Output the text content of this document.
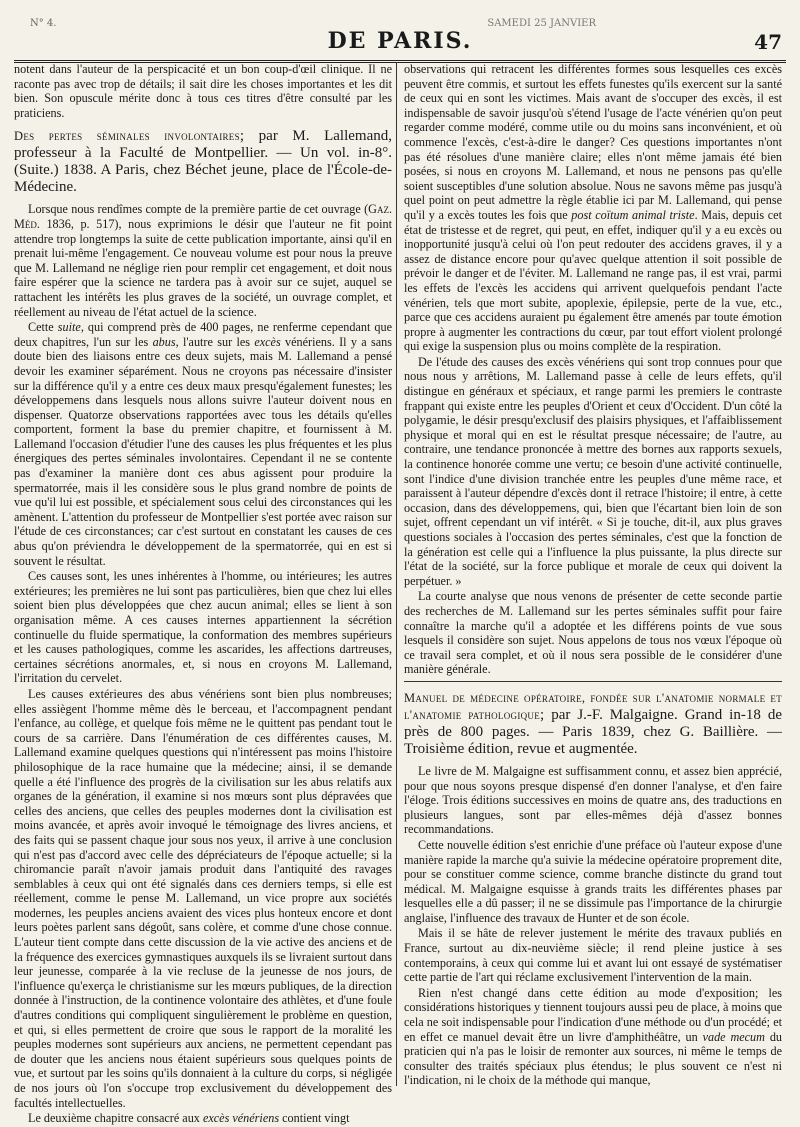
N° 4.	SAMEDI 25 JANVIER
DE PARIS.	47

notent dans l'auteur de la perspicacité et un bon coup-d'œil clinique. Il ne raconte pas avec trop de détails; il sait dire les choses importantes et les dit bien. Son opuscule mérite donc à tous ces titres d'être consulté par les praticiens.

Des pertes séminales involontaires; par M. Lallemand, professeur à la Faculté de Montpellier. — Un vol. in-8°. (Suite.) 1838. A Paris, chez Béchet jeune, place de l'École-de-Médecine.

Lorsque nous rendîmes compte de la première partie de cet ouvrage (Gaz. Méd. 1836, p. 517), nous exprimions le désir que l'auteur ne fit point attendre trop longtemps la suite de cette publication importante, ainsi qu'il en prenait lui-même l'engagement. Ce nouveau volume est pour nous la preuve que M. Lallemand ne néglige rien pour remplir cet engagement, et doit nous faire espérer que la science ne tardera pas à avoir sur ce sujet, auquel se rattachent les intérêts les plus graves de la société, un ouvrage complet, et réellement au niveau de l'état actuel de la science.

Cette suite, qui comprend près de 400 pages, ne renferme cependant que deux chapitres, l'un sur les abus, l'autre sur les excès vénériens. Il y a sans doute bien des liaisons entre ces deux sujets, mais M. Lallemand a pensé devoir les examiner séparément. Nous ne croyons pas nécessaire d'insister sur la différence qu'il y a entre ces deux maux presqu'également funestes; les développemens dans lesquels nous allons suivre l'auteur doivent nous en dispenser. Quatorze observations rapportées avec tous les détails qu'elles comportent, forment la base du premier chapitre, et fournissent à M. Lallemand l'occasion d'étudier l'une des causes les plus fréquentes et les plus énergiques des pertes séminales involontaires. Cependant il ne se contente pas d'examiner la manière dont ces abus agissent pour produire la spermatorrée, mais il les considère sous le plus grand nombre de points de vue qu'il lui est possible, et spécialement sous celui des circonstances qui les amènent. L'attention du professeur de Montpellier s'est portée avec raison sur l'étude de ces circonstances; car c'est surtout en constatant les causes de ces abus qu'on préviendra le développement de la spermatorrée, qui en est si souvent le résultat.

Ces causes sont, les unes inhérentes à l'homme, ou intérieures; les autres extérieures; les premières ne lui sont pas particulières, bien que chez lui elles soient bien plus développées que chez aucun animal; elles se lient à son organisation même. A ces causes internes appartiennent la sécrétion continuelle du fluide spermatique, la conformation des membres supérieurs et les causes pathologiques, comme les ascarides, les affections dartreuses, certaines sécrétions anormales, et, si nous en croyons M. Lallemand, l'irritation du cervelet.

Les causes extérieures des abus vénériens sont bien plus nombreuses; elles assiègent l'homme même dès le berceau, et l'accompagnent pendant l'enfance, au collège, et quelque fois même ne le quittent pas pendant tout le cours de sa carrière. Dans l'énumération de ces différentes causes, M. Lallemand examine quelques questions qui n'intéressent pas moins l'histoire philosophique de la race humaine que la médecine; ainsi, il se demande quelle a été l'influence des progrès de la civilisation sur les abus relatifs aux organes de la génération, il examine si nos mœurs sont plus dépravées que celles des anciens, que celles des peuples modernes dont la civilisation est moins avancée, et après avoir invoqué le témoignage des livres anciens, et des faits qui se passent chaque jour sous nos yeux, il arrive à une conclusion qui n'est pas d'accord avec celle des dépréciateurs de l'époque actuelle; si la chiromancie paraît n'avoir jamais produit dans l'antiquité des ravages semblables à ceux qui ont été signalés dans ces derniers temps, si elle est réellement, comme le pense M. Lallemand, un vice propre aux sociétés modernes, les peuples anciens avaient des vices plus honteux encore et dont leurs poètes parlent sans dégoût, sans colère, et comme d'une chose connue. L'auteur tient compte dans cette discussion de la vie active des anciens et de la fréquence des exercices gymnastiques auxquels ils se livraient surtout dans leur jeunesse, comparée à la vie recluse de la jeunesse de nos jours, de l'influence qu'exerça le christianisme sur les mœurs publiques, de la direction donnée à l'instruction, de la continence volontaire des athlètes, et d'une foule d'autres conditions qui compliquent singulièrement le problème en question, et qui, si elles permettent de croire que sous le rapport de la moralité les peuples modernes sont supérieurs aux anciens, ne permettent cependant pas de douter que les anciens nous étaient supérieurs sous quelques points de vue, et surtout par les soins qu'ils donnaient à la culture du corps, si négligée de nos jours où l'on s'occupe trop exclusivement du développement des facultés intellectuelles.

Le deuxième chapitre consacré aux excès vénériens contient vingt

observations qui retracent les différentes formes sous lesquelles ces excès peuvent être commis, et surtout les effets funestes qu'ils exercent sur la santé de ceux qui en sont les victimes. Mais avant de s'occuper des excès, il est indispensable de savoir jusqu'où s'étend l'usage de l'acte vénérien qu'on peut regarder comme modéré, comme utile ou du moins sans inconvénient, et où commence l'excès, c'est-à-dire le danger? Ces questions importantes n'ont pas été résolues d'une manière claire; elles n'ont même jamais été bien posées, si nous en croyons M. Lallemand, et nous ne pensons pas qu'elle soient susceptibles d'une solution absolue. Nous ne savons même pas jusqu'à quel point on peut admettre la règle établie ici par M. Lallemand, qui pense qu'il y a excès toutes les fois que post coïtum animal triste. Mais, depuis cet état de tristesse et de regret, qui peut, en effet, indiquer qu'il y a eu excès ou inopportunité jusqu'à celui où l'on peut redouter des accidens graves, il y a assez de distance encore pour qu'avec quelque attention il soit possible de prévoir le danger et de l'éviter. M. Lallemand ne range pas, il est vrai, parmi les effets de l'excès les accidens qui arrivent quelquefois pendant l'acte vénérien, tels que mort subite, apoplexie, épilepsie, perte de la vue, etc., parce que ces accidens auraient pu également être amenés par toute émotion propre à augmenter les contractions du cœur, par tout effort violent prolongé qui exige la suspension plus ou moins complète de la respiration.

De l'étude des causes des excès vénériens qui sont trop connues pour que nous nous y arrêtions, M. Lallemand passe à celle de leurs effets, qu'il distingue en généraux et spéciaux, et range parmi les premiers le contraste frappant qui existe entre les peuples d'Orient et ceux d'Occident. D'un côté la polygamie, le désir presqu'exclusif des plaisirs physiques, et l'affaiblissement physique et moral qui en est le résultat presque nécessaire; de l'autre, au contraire, une tendance prononcée à mettre des bornes aux rapports sexuels, la continence honorée comme une vertu; ce besoin d'une activité continuelle, sont l'indice d'une division tranchée entre les peuples d'une même race, et paraissent à l'auteur dépendre d'excès dont il retrace l'histoire; il entre, à cette occasion, dans des développemens, qui, bien que l'écartant bien loin de son sujet, offrent cependant un vif intérêt. « Si je touche, dit-il, aux plus graves questions sociales à l'occasion des pertes séminales, c'est que la fonction de la génération est celle qui a l'influence la plus puissante, la plus directe sur l'état de la société, sur la force publique et morale de ceux qui doivent la perpétuer. »

La courte analyse que nous venons de présenter de cette seconde partie des recherches de M. Lallemand sur les pertes séminales suffit pour faire connaître la marche qu'il a adoptée et les différens points de vue sous lesquels il considère son sujet. Nous appelons de tous nos vœux l'époque où ce travail sera complet, et où il nous sera possible de le considérer d'une manière générale.

Manuel de médecine opératoire, fondée sur l'anatomie normale et l'anatomie pathologique; par J.-F. Malgaigne. Grand in-18 de près de 800 pages. — Paris 1839, chez G. Baillière. — Troisième édition, revue et augmentée.

Le livre de M. Malgaigne est suffisamment connu, et assez bien apprécié, pour que nous soyons presque dispensé d'en donner l'analyse, et d'en faire l'éloge. Trois éditions successives en moins de quatre ans, des traductions en plusieurs langues, sont par elles-mêmes déjà d'assez bonnes recommandations.

Cette nouvelle édition s'est enrichie d'une préface où l'auteur expose d'une manière rapide la marche qu'a suivie la médecine opératoire proprement dite, pour se constituer comme science, comme branche distincte du grand tout médical. M. Malgaigne esquisse à grands traits les différentes phases par lesquelles elle a dû passer; il ne se dissimule pas l'importance de la chirurgie anglaise, l'influence des travaux de Hunter et de son école.

Mais il se hâte de relever justement le mérite des travaux publiés en France, surtout au dix-neuvième siècle; il rend pleine justice à ses contemporains, à ceux qui comme lui et avant lui ont essayé de systématiser cette partie de l'art qui réclame exclusivement l'intervention de la main.

Rien n'est changé dans cette édition au mode d'exposition; les considérations historiques y tiennent toujours aussi peu de place, à moins que cela ne soit indispensable pour l'indication d'une méthode ou d'un procédé; et en effet ce manuel devait être un livre d'amphithéâtre, un vade mecum du praticien qui n'a pas le loisir de remonter aux sources, ni même le temps de consulter des traités spéciaux plus étendus; le plus souvent ce n'est ni l'indication, ni le choix de la méthode qui manque,
